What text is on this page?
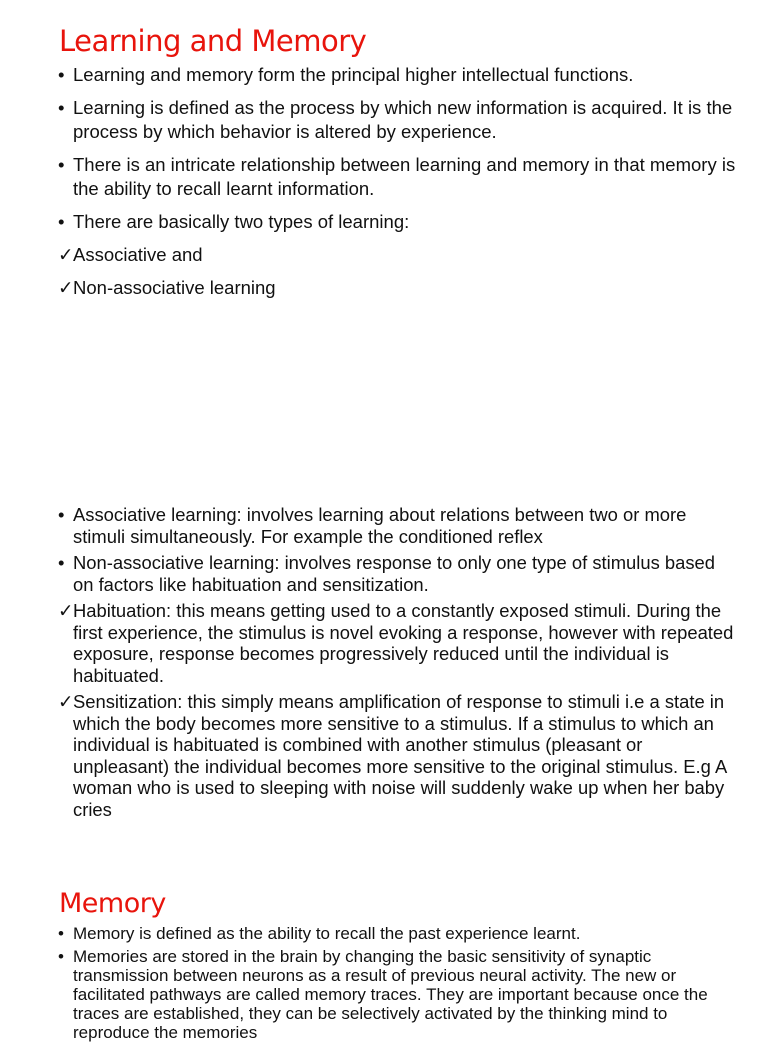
Learning and Memory
• Learning and memory form the principal higher intellectual functions.
• Learning is defined as the process by which new information is acquired. It is the process by which behavior is altered by experience.
• There is an intricate relationship between learning and memory in that memory is the ability to recall learnt information.
• There are basically two types of learning:
✓ Associative and
✓ Non-associative learning
• Associative learning: involves learning about relations between two or more stimuli simultaneously. For example the conditioned reflex
• Non-associative learning: involves response to only one type of stimulus based on factors like habituation and sensitization.
✓ Habituation: this means getting used to a constantly exposed stimuli. During the first experience, the stimulus is novel evoking a response, however with repeated exposure, response becomes progressively reduced until the individual is habituated.
✓ Sensitization: this simply means amplification of response to stimuli i.e a state in which the body becomes more sensitive to a stimulus. If a stimulus to which an individual is habituated is combined with another stimulus (pleasant or unpleasant) the individual becomes more sensitive to the original stimulus. E.g A woman who is used to sleeping with noise will suddenly wake up when her baby cries
Memory
• Memory is defined as the ability to recall the past experience learnt.
• Memories are stored in the brain by changing the basic sensitivity of synaptic transmission between neurons as a result of previous neural activity. The new or facilitated pathways are called memory traces. They are important because once the traces are established, they can be selectively activated by the thinking mind to reproduce the memories
